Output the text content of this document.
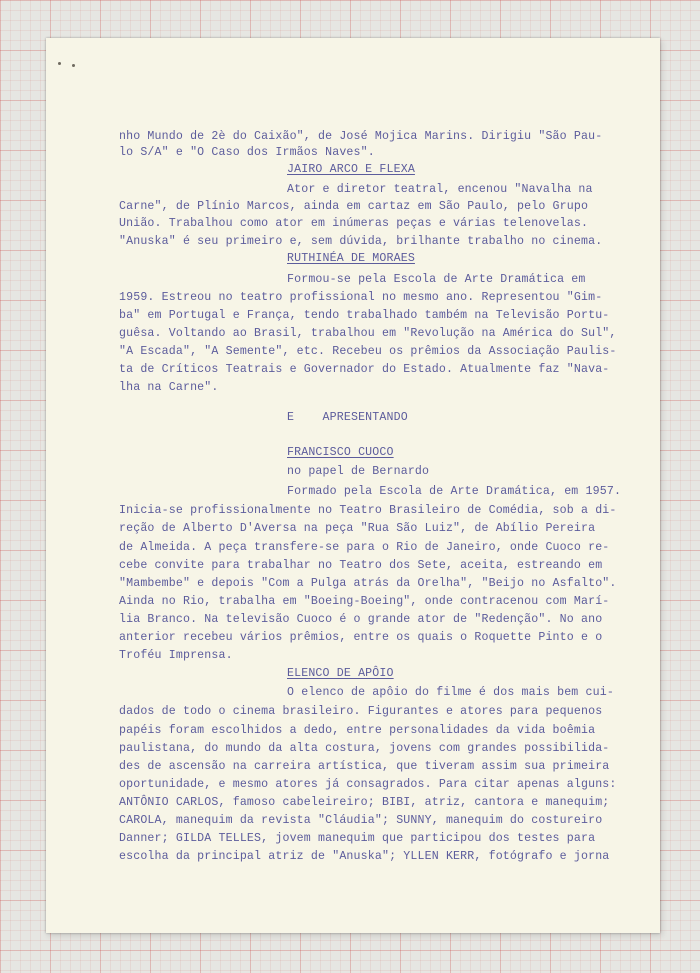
nho Mundo de 2è do Caixão", de José Mojica Marins. Dirigiu "São Pau-

lo S/A" e "O Caso dos Irmãos Naves".

JAIRO ARCO E FLEXA

Ator e diretor teatral, encenou "Navalha na

Carne", de Plínio Marcos, ainda em cartaz em São Paulo, pelo Grupo

União. Trabalhou como ator em inúmeras peças e várias telenovelas.

"Anuska" é seu primeiro e, sem dúvida, brilhante trabalho no cinema.

RUTHINÉA DE MORAES

Formou-se pela Escola de Arte Dramática em

1959. Estreou no teatro profissional no mesmo ano. Representou "Gim-

ba" em Portugal e França, tendo trabalhado também na Televisão Portu-

guêsa. Voltando ao Brasil, trabalhou em "Revolução na América do Sul",

"A Escada", "A Semente", etc. Recebeu os prêmios da Associação Paulis-

ta de Críticos Teatrais e Governador do Estado. Atualmente faz "Nava-

lha na Carne".

E    APRESENTANDO

FRANCISCO CUOCO

no papel de Bernardo

Formado pela Escola de Arte Dramática, em 1957.

Inicia-se profissionalmente no Teatro Brasileiro de Comédia, sob a di-

reção de Alberto D'Aversa na peça "Rua São Luiz", de Abílio Pereira

de Almeida. A peça transfere-se para o Rio de Janeiro, onde Cuoco re-

cebe convite para trabalhar no Teatro dos Sete, aceita, estreando em

"Mambembe" e depois "Com a Pulga atrás da Orelha", "Beijo no Asfalto".

Ainda no Rio, trabalha em "Boeing-Boeing", onde contracenou com Marí-

lia Branco. Na televisão Cuoco é o grande ator de "Redenção". No ano

anterior recebeu vários prêmios, entre os quais o Roquette Pinto e o

Troféu Imprensa.

ELENCO DE APÔIO

O elenco de apôio do filme é dos mais bem cui-

dados de todo o cinema brasileiro. Figurantes e atores para pequenos

papéis foram escolhidos a dedo, entre personalidades da vida boêmia

paulistana, do mundo da alta costura, jovens com grandes possibilida-

des de ascensão na carreira artística, que tiveram assim sua primeira

oportunidade, e mesmo atores já consagrados. Para citar apenas alguns:

ANTÔNIO CARLOS, famoso cabeleireiro; BIBI, atriz, cantora e manequim;

CAROLA, manequim da revista "Cláudia"; SUNNY, manequim do costureiro

Danner; GILDA TELLES, jovem manequim que participou dos testes para

escolha da principal atriz de "Anuska"; YLLEN KERR, fotógrafo e jorna
